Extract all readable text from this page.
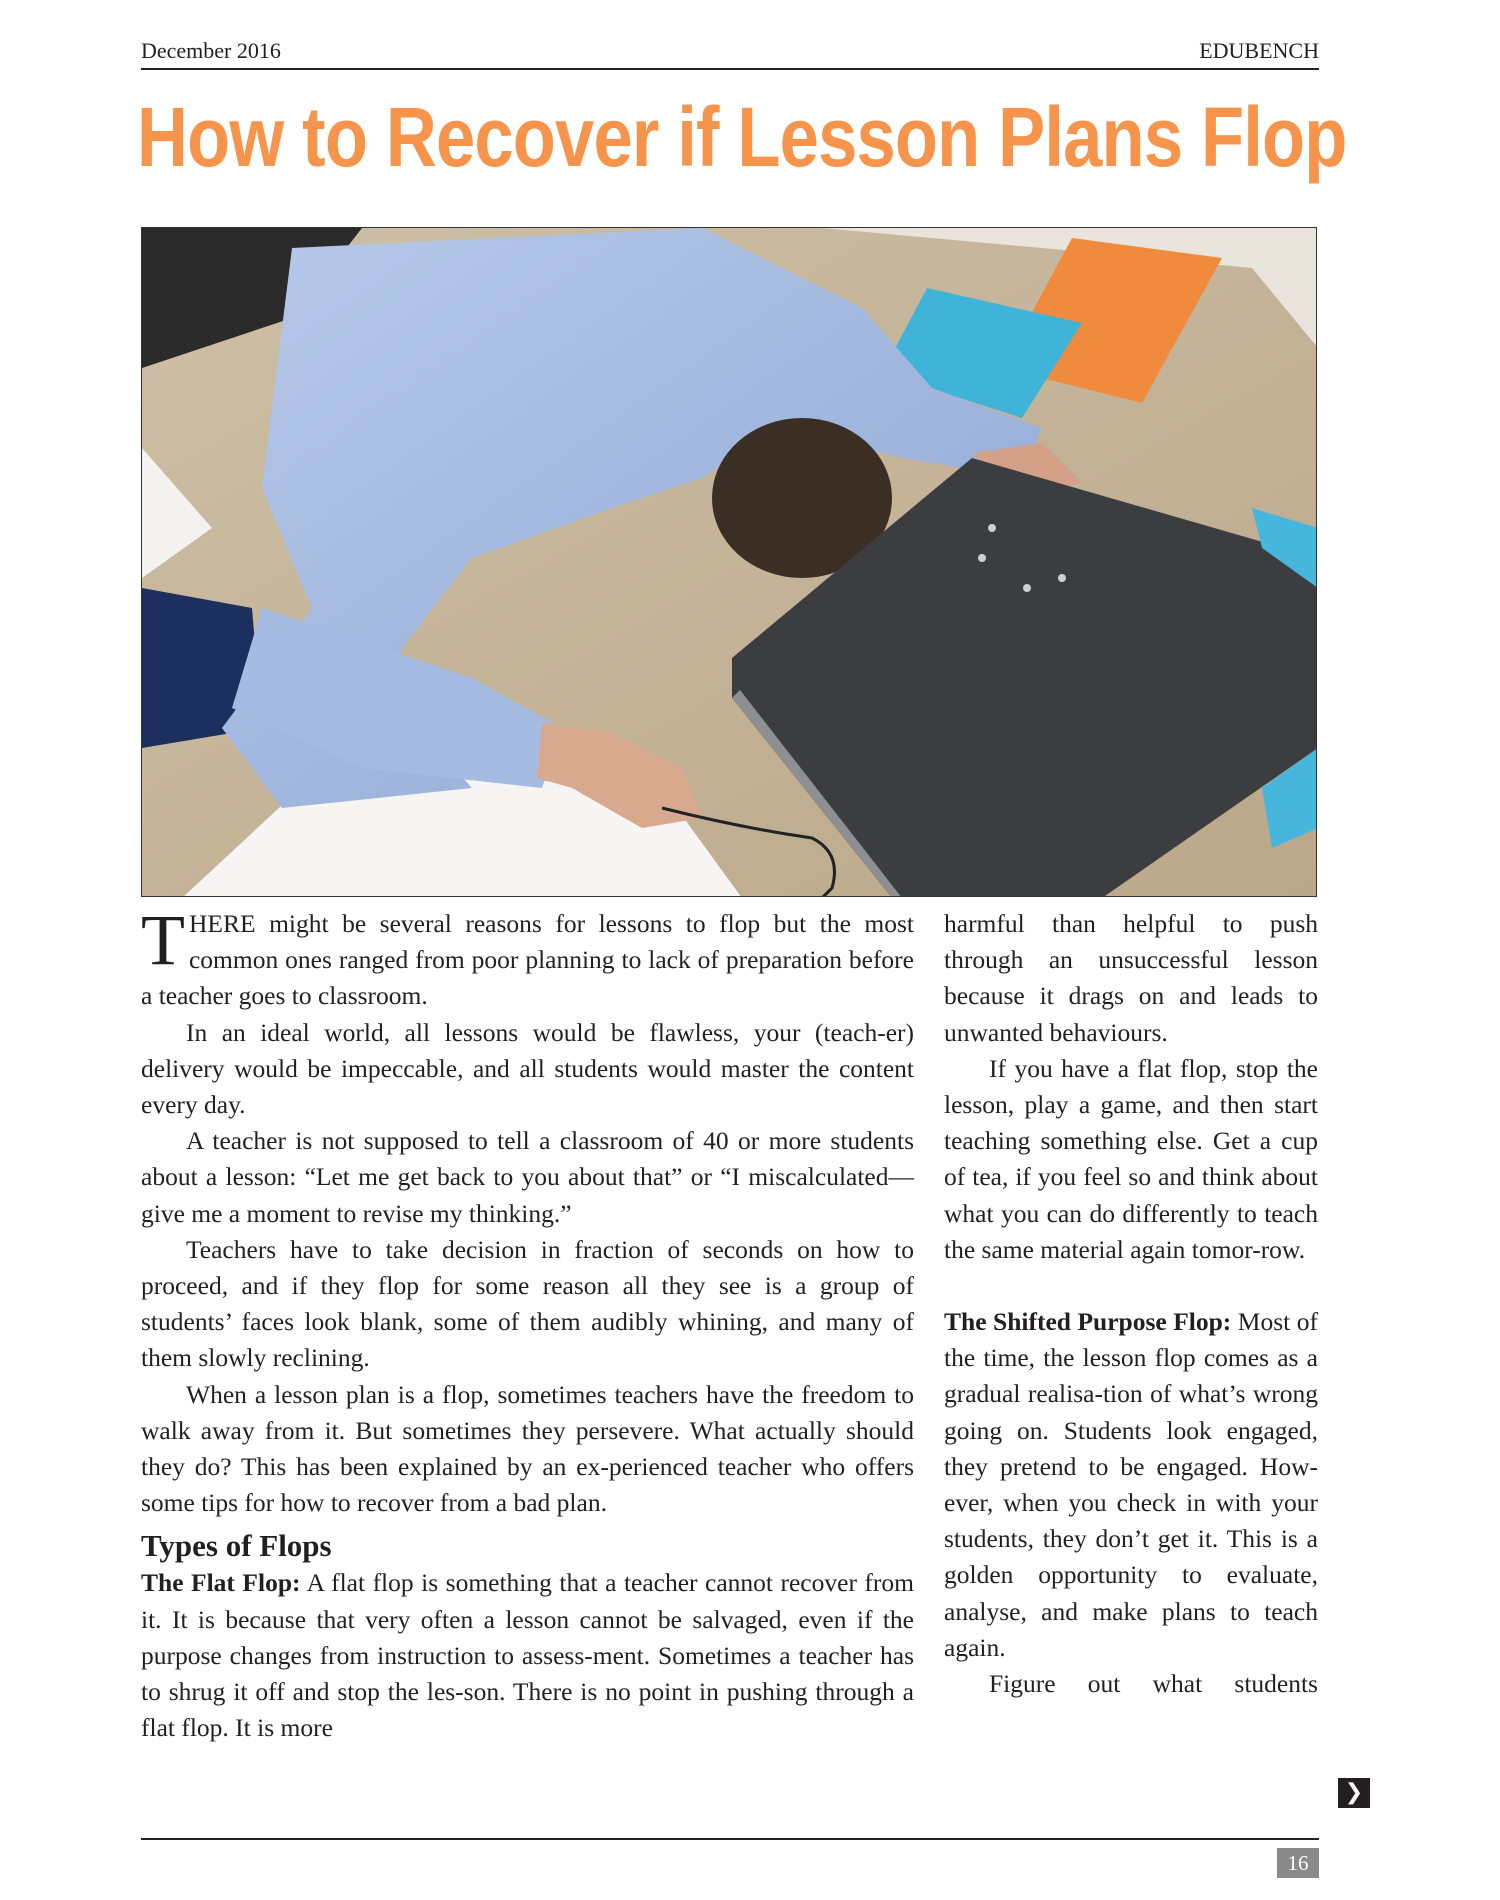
December 2016	EDUBENCH
How to Recover if Lesson Plans Flop

THERE might be several reasons for lessons to flop but the most common ones ranged from poor planning to lack of preparation before a teacher goes to classroom.

In an ideal world, all lessons would be flawless, your (teach-er) delivery would be impeccable, and all students would master the content every day.

A teacher is not supposed to tell a classroom of 40 or more students about a lesson: “Let me get back to you about that” or “I miscalculated—give me a moment to revise my thinking.”

Teachers have to take decision in fraction of seconds on how to proceed, and if they flop for some reason all they see is a group of students’ faces look blank, some of them audibly whining, and many of them slowly reclining.

When a lesson plan is a flop, sometimes teachers have the freedom to walk away from it. But sometimes they persevere. What actually should they do? This has been explained by an ex-perienced teacher who offers some tips for how to recover from a bad plan.

Types of Flops

The Flat Flop: A flat flop is something that a teacher cannot recover from it. It is because that very often a lesson cannot be salvaged, even if the purpose changes from instruction to assess-ment. Sometimes a teacher has to shrug it off and stop the les-son. There is no point in pushing through a flat flop. It is more

harmful than helpful to push through an unsuccessful lesson because it drags on and leads to unwanted behaviours.

If you have a flat flop, stop the lesson, play a game, and then start teaching something else. Get a cup of tea, if you feel so and think about what you can do differently to teach the same material again tomor-row.

The Shifted Purpose Flop: Most of the time, the lesson flop comes as a gradual realisa-tion of what’s wrong going on. Students look engaged, they pretend to be engaged. How-ever, when you check in with your students, they don’t get it. This is a golden opportunity to evaluate, analyse, and make plans to teach again.

Figure out what students

❯
16
